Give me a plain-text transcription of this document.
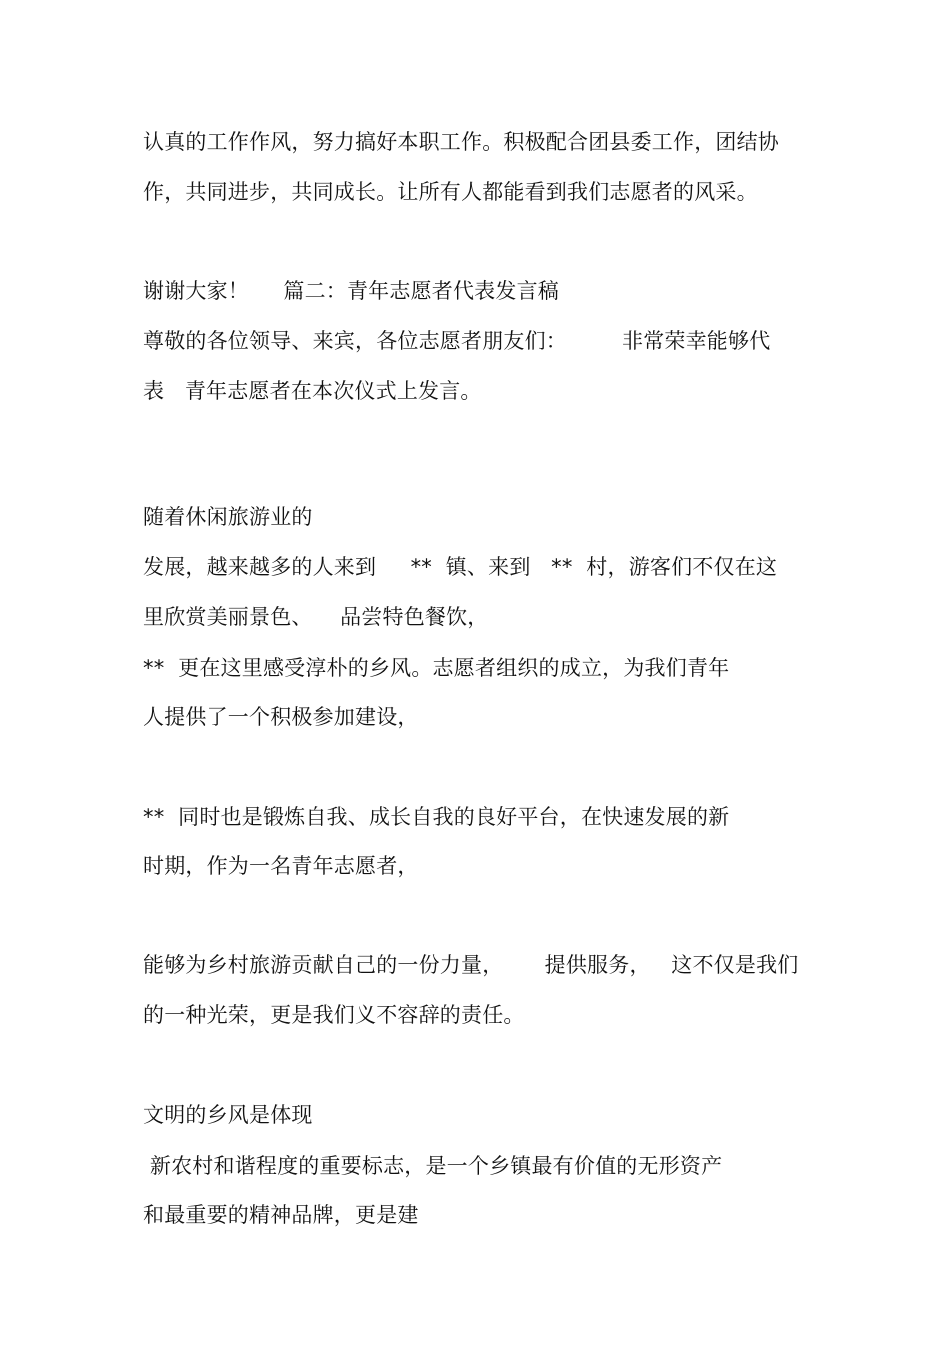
认真的工作作风，努力搞好本职工作。积极配合团县委工作，团结协
作，共同进步，共同成长。让所有人都能看到我们志愿者的风采。
谢谢大家！     篇二：青年志愿者代表发言稿
尊敬的各位领导、来宾，各位志愿者朋友们：        非常荣幸能够代
表   青年志愿者在本次仪式上发言。
随着休闲旅游业的
发展，越来越多的人来到     **  镇、来到   **  村，游客们不仅在这
里欣赏美丽景色、    品尝特色餐饮，
**  更在这里感受淳朴的乡风。志愿者组织的成立，为我们青年
人提供了一个积极参加建设，
**  同时也是锻炼自我、成长自我的良好平台，在快速发展的新
时期，作为一名青年志愿者，
能够为乡村旅游贡献自己的一份力量，      提供服务，   这不仅是我们
的一种光荣，更是我们义不容辞的责任。
文明的乡风是体现
新农村和谐程度的重要标志，是一个乡镇最有价值的无形资产
和最重要的精神品牌，更是建
